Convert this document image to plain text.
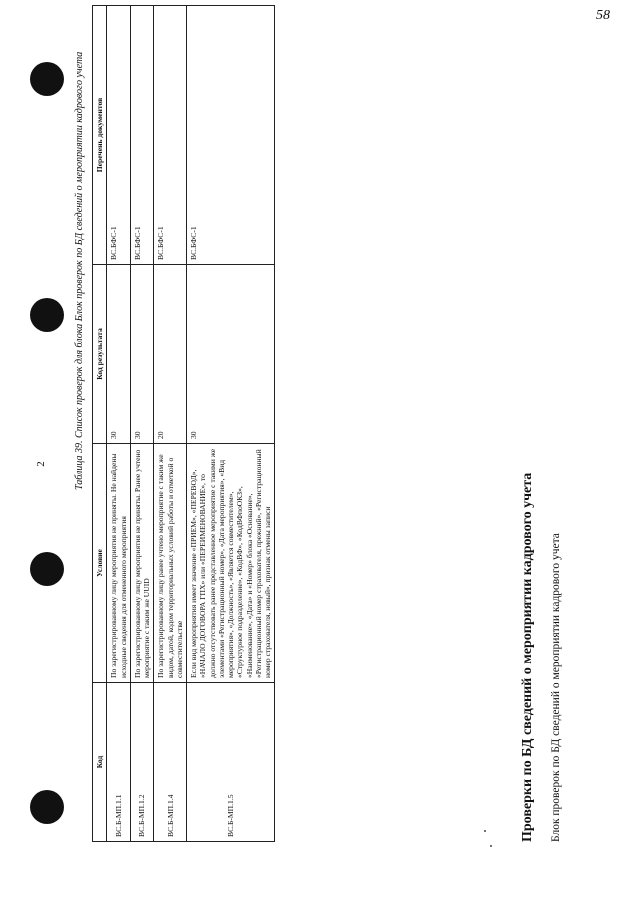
58
2
Проверки по БД сведений о мероприятии кадрового учета Блок проверок по БД сведений о мероприятии кадрового учета
Таблица 39. Список проверок для блока Блок проверок по БД сведений о мероприятии кадрового учета
Код	Условие	Код результата	Перечень документов
ВС.Б-МП.1.1	По зарегистрированному лицу мероприятия не приняты. Не найдены исходные сведения для отмененного мероприятия	30	ВС.БФС-1
ВС.Б-МП.1.2	По зарегистрированному лицу мероприятия не приняты. Ранее учтено мероприятие с таким же UUID	30	ВС.БФС-1
ВС.Б-МП.1.4	По зарегистрированному лицу ранее учтено мероприятие с таким же видом, датой, кодом территориальных условий работы и отметкой о совместительстве	20	ВС.БФС-1
ВС.Б-МП.1.5	Если вид мероприятия имеет значение «ПРИЕМ», «ПЕРЕВОД», «НАЧАЛО ДОГОВОРА ГПХ» или «ПЕРЕИМЕНОВАНИЕ», то должно отсутствовать ранее представленное мероприятие с такими же элементами «Регистрационный номер», «Дата мероприятия», «Вид мероприятия», «Должность», «Является совместителем», «Структурное подразделение», «КодВФ», «КодВФпоОКЗ», «Наименование», «Дата» и «Номер» блока «Основание», «Регистрационный номер страхователя, прежний», «Регистрационный номер страхователя, новый», признак отмены записи	30	ВС.БФС-1
